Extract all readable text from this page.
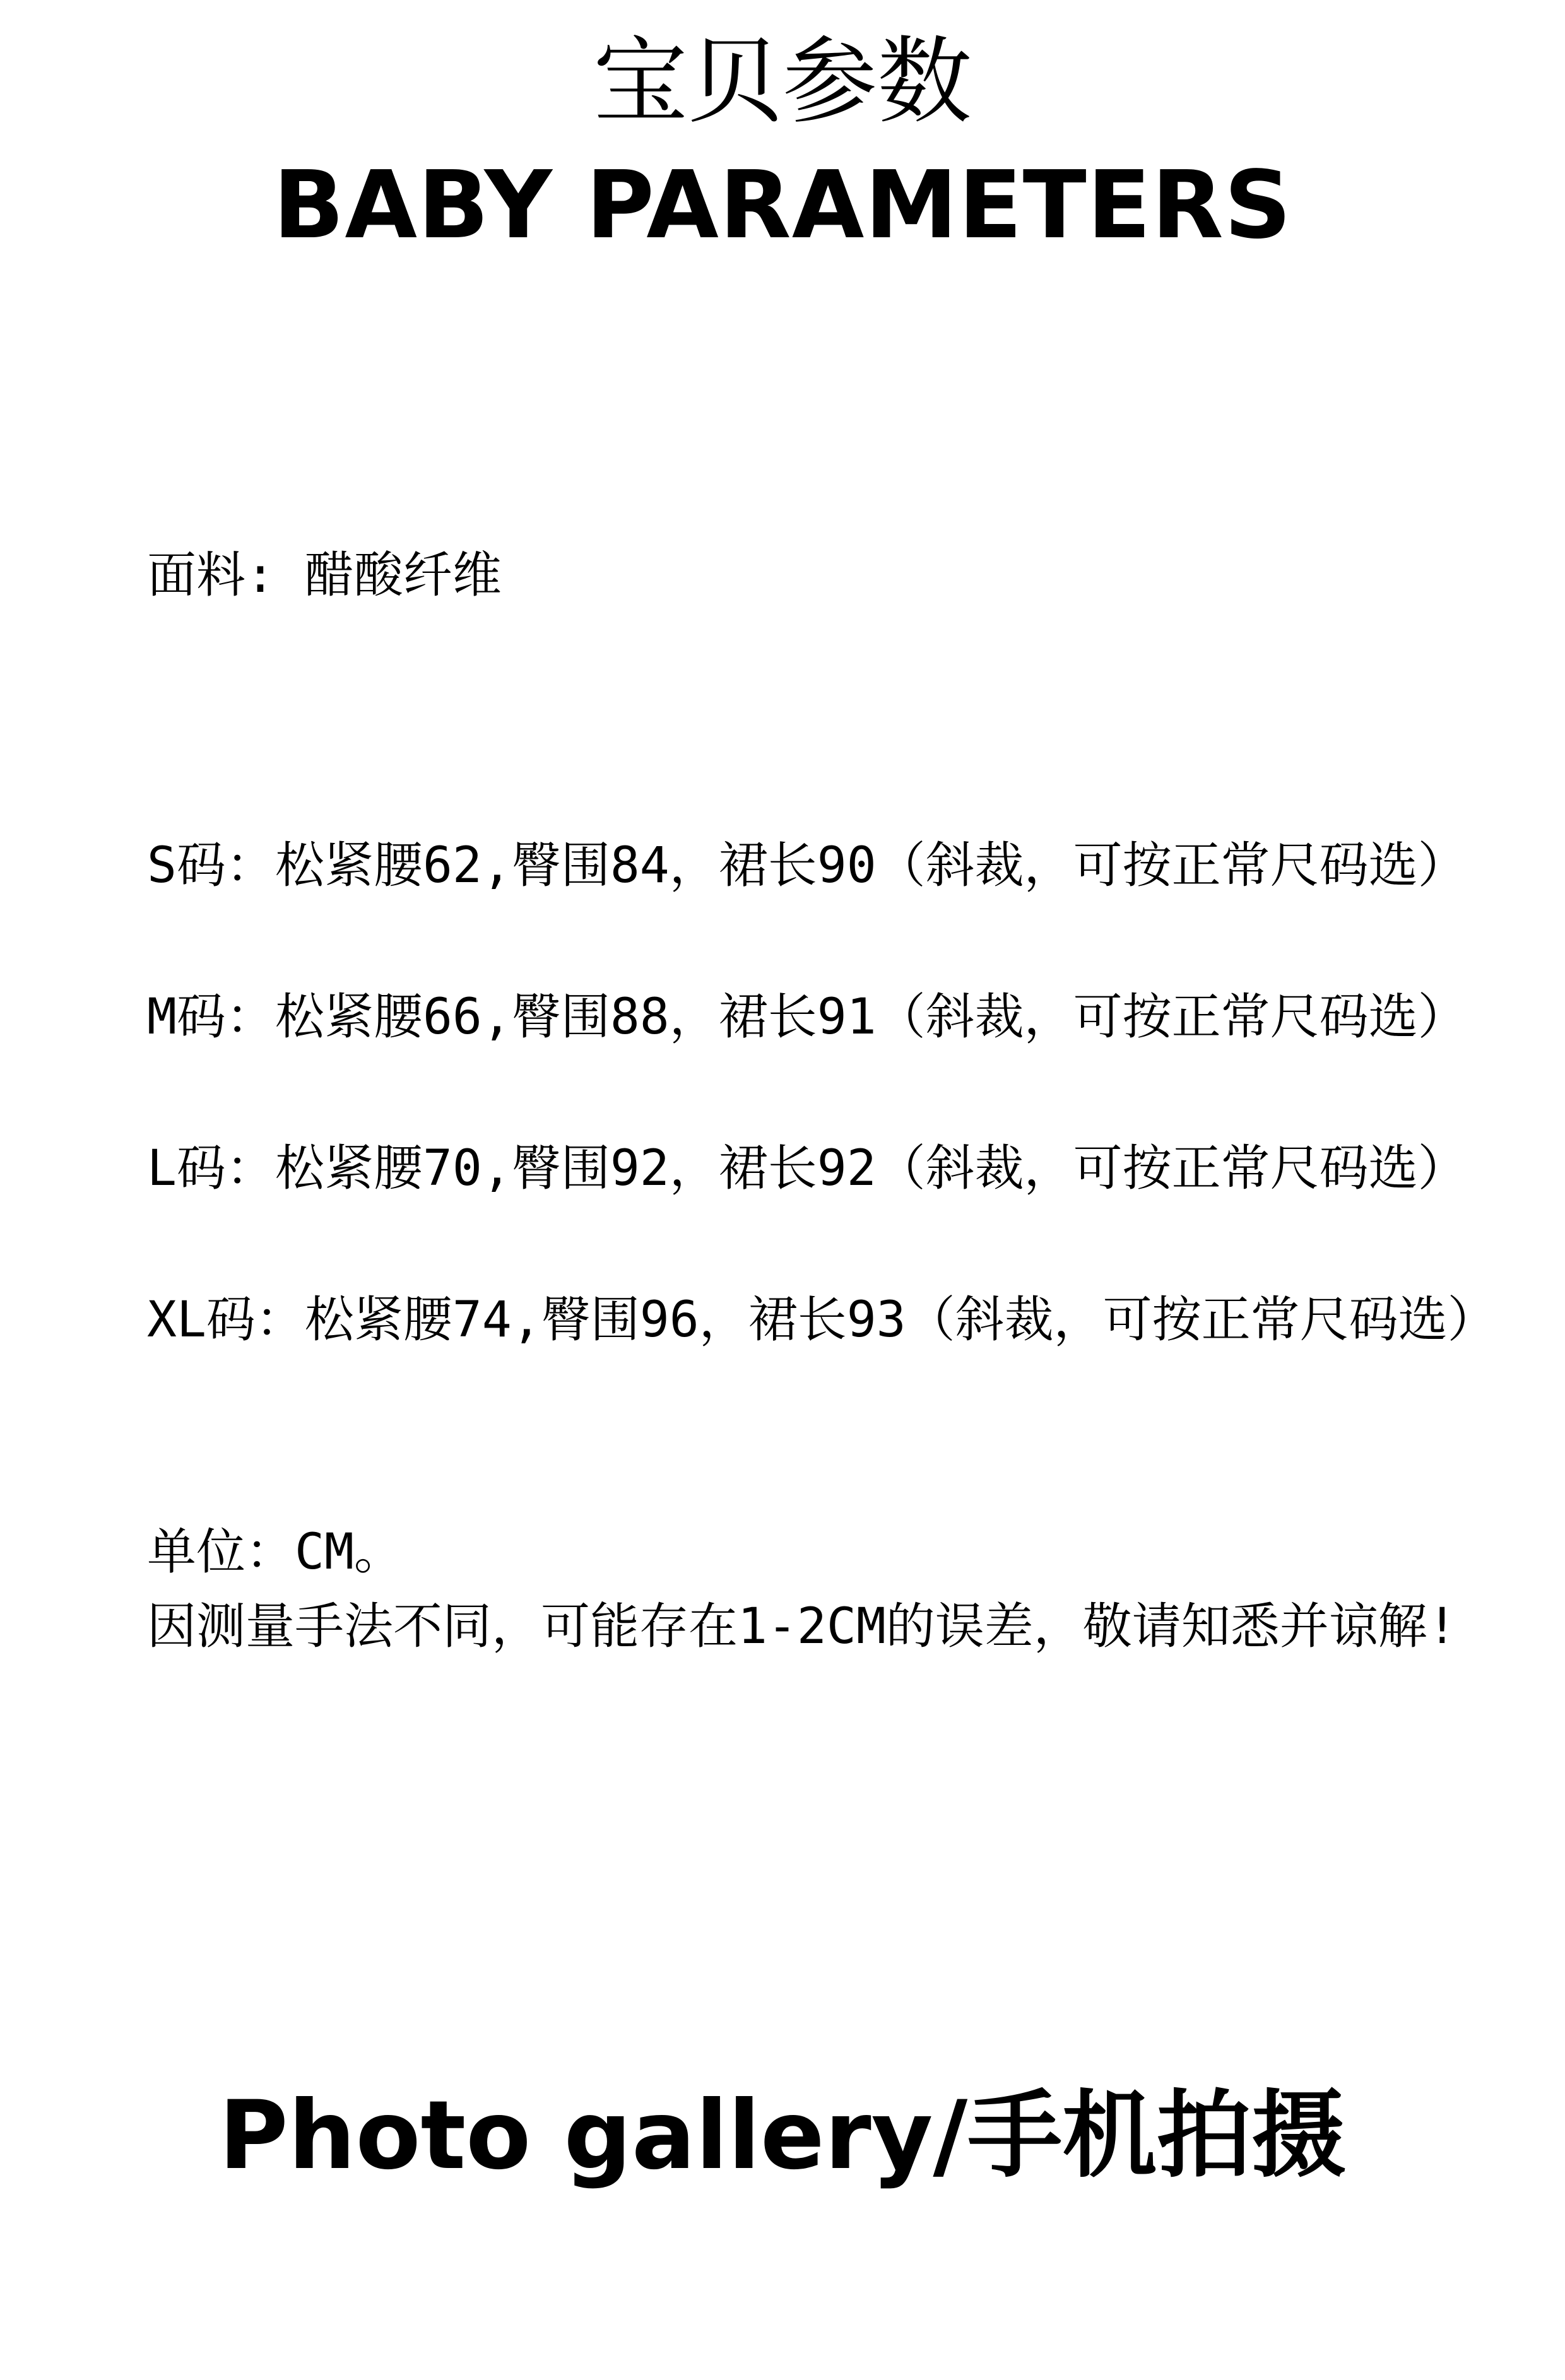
宝贝参数
BABY PARAMETERS
面料: 醋酸纤维
S码：松紧腰62,臀围84，裙长90（斜裁，可按正常尺码选）
M码：松紧腰66,臀围88，裙长91（斜裁，可按正常尺码选）
L码：松紧腰70,臀围92，裙长92（斜裁，可按正常尺码选）
XL码：松紧腰74,臀围96，裙长93（斜裁，可按正常尺码选）
单位：CM。
因测量手法不同，可能存在1-2CM的误差，敬请知悉并谅解!
Photo gallery/手机拍摄
